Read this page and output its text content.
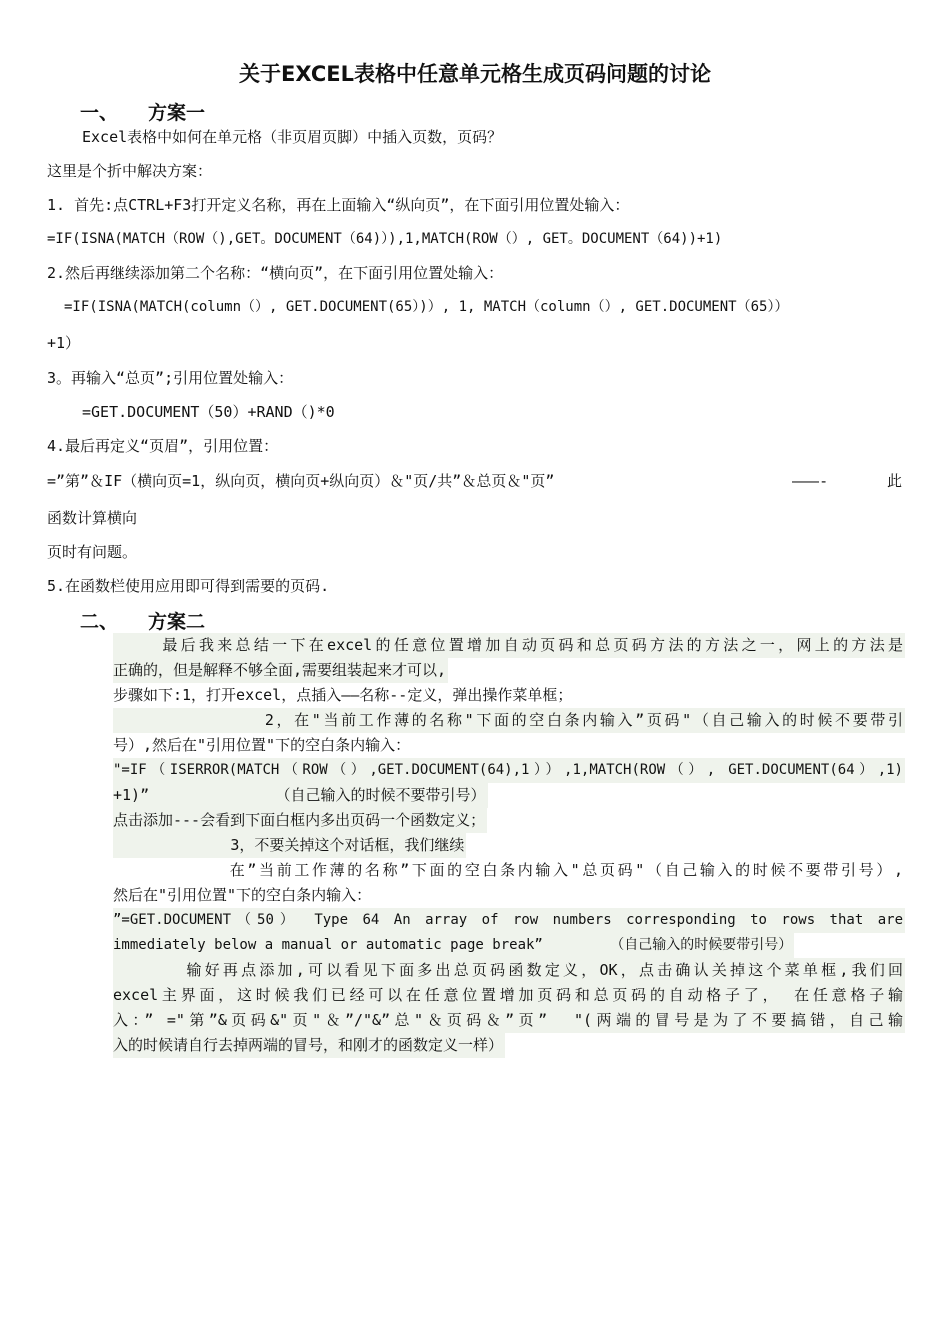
关于EXCEL表格中任意单元格生成页码问题的讨论
一、 方案一
Excel表格中如何在单元格（非页眉页脚）中插入页数，页码？
这里是个折中解决方案：
1. 首先:点CTRL+F3打开定义名称，再在上面输入“纵向页”，在下面引用位置处输入：
=IF(ISNA(MATCH（ROW（),GET。DOCUMENT（64)）),1,MATCH(ROW（）, GET。DOCUMENT（64))+1)
2.然后再继续添加第二个名称：“横向页”，在下面引用位置处输入：
=IF(ISNA(MATCH(column（）, GET.DOCUMENT(65）)）, 1, MATCH（column（）, GET.DOCUMENT（65））
+1）
3。再输入“总页”;引用位置处输入：
=GET.DOCUMENT（50）+RAND（)*0
4.最后再定义“页眉”，引用位置：
=”第”＆IF（横向页=1，纵向页，横向页+纵向页）＆"页/共”＆总页＆"页”	———-	此
函数计算横向
页时有问题。
5.在函数栏使用应用即可得到需要的页码.
二、 方案二
最后我来总结一下在excel的任意位置增加自动页码和总页码方法的方法之一，网上的方法是
正确的，但是解释不够全面,需要组装起来才可以,
步骤如下:1，打开excel，点插入——名称--定义，弹出操作菜单框；
2，在"当前工作薄的名称"下面的空白条内输入”页码"（自己输入的时候不要带引
号）,然后在"引用位置"下的空白条内输入：
"=IF（ISERROR(MATCH（ROW（）,GET.DOCUMENT(64),1））,1,MATCH(ROW（）, GET.DOCUMENT(64）,1)
+1)”              （自己输入的时候不要带引号）
点击添加---会看到下面白框内多出页码一个函数定义；
3，不要关掉这个对话框，我们继续
在”当前工作薄的名称”下面的空白条内输入"总页码"（自己输入的时候不要带引号）,
然后在"引用位置"下的空白条内输入：
”=GET.DOCUMENT（50） Type 64 An array of row numbers corresponding to rows that are
immediately below a manual or automatic page break”        （自己输入的时候要带引号）
输好再点添加,可以看见下面多出总页码函数定义，OK，点击确认关掉这个菜单框,我们回
excel主界面，这时候我们已经可以在任意位置增加页码和总页码的自动格子了， 在任意格子输
入：” ="第”&页码&"页"＆”/"&”总"＆页码＆”页”  "(两端的冒号是为了不要搞错，自己输
入的时候请自行去掉两端的冒号，和刚才的函数定义一样）
